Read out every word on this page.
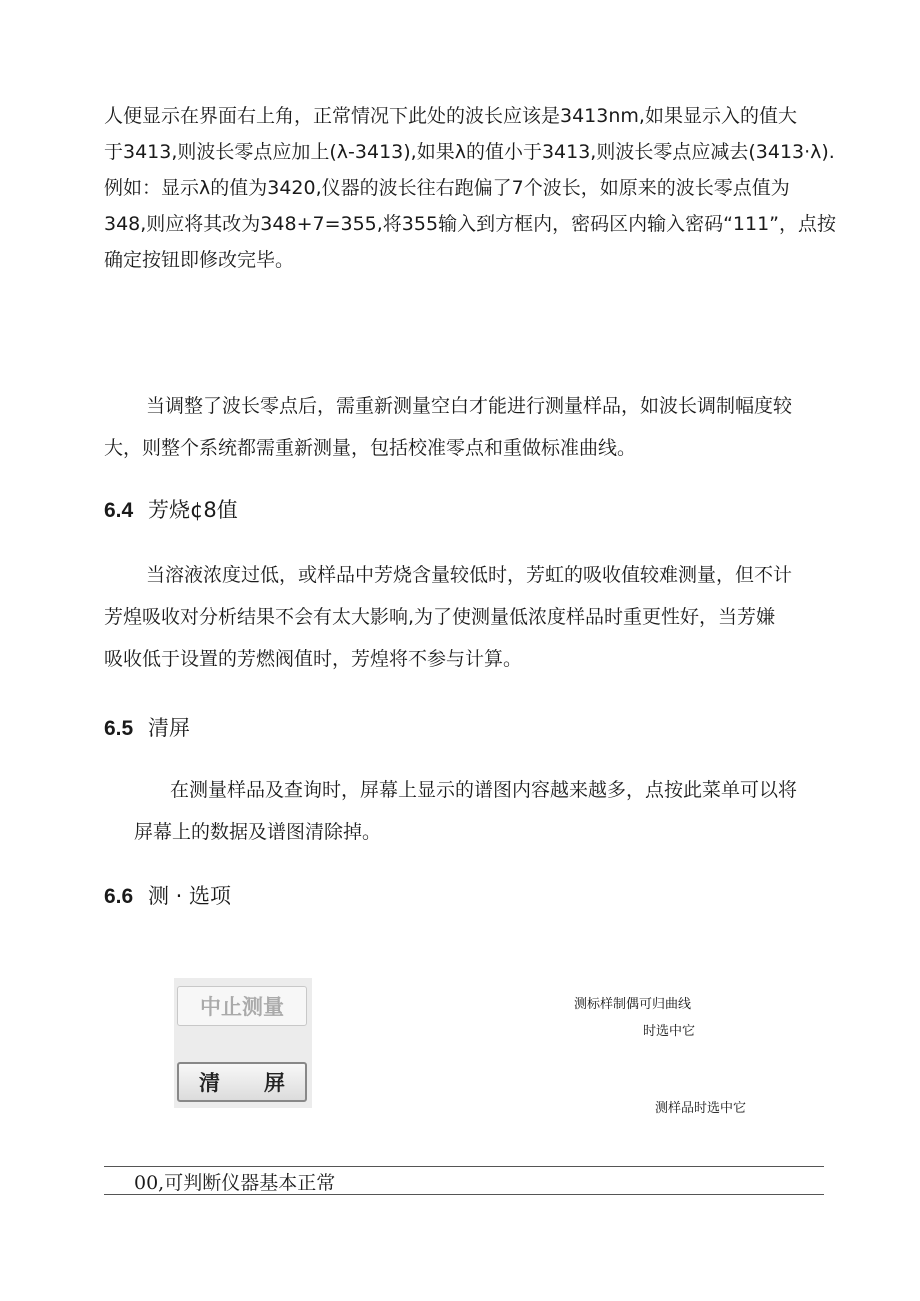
人便显示在界面右上角，正常情况下此处的波长应该是3413nm,如果显示入的值大
于3413,则波长零点应加上(λ-3413),如果λ的值小于3413,则波长零点应减去(3413·λ).
例如：显示λ的值为3420,仪器的波长往右跑偏了7个波长，如原来的波长零点值为
348,则应将其改为348+7=355,将355输入到方框内，密码区内输入密码“111”，点按
确定按钮即修改完毕。
当调整了波长零点后，需重新测量空白才能进行测量样品，如波长调制幅度较
大，则整个系统都需重新测量，包括校准零点和重做标准曲线。
6.4 芳烧¢8值
当溶液浓度过低，或样品中芳烧含量较低时，芳虹的吸收值较难测量，但不计
芳煌吸收对分析结果不会有太大影响,为了使测量低浓度样品时重更性好，当芳嫌
吸收低于设置的芳燃阀值时，芳煌将不参与计算。
6.5 清屏
在测量样品及查询时，屏幕上显示的谱图内容越来越多，点按此菜单可以将
屏幕上的数据及谱图清除掉。
6.6 测 · 选项
中止测量
清 屏
测标样制偶可归曲线
时选中它
测样品时选中它
00,可判断仪器基本正常
